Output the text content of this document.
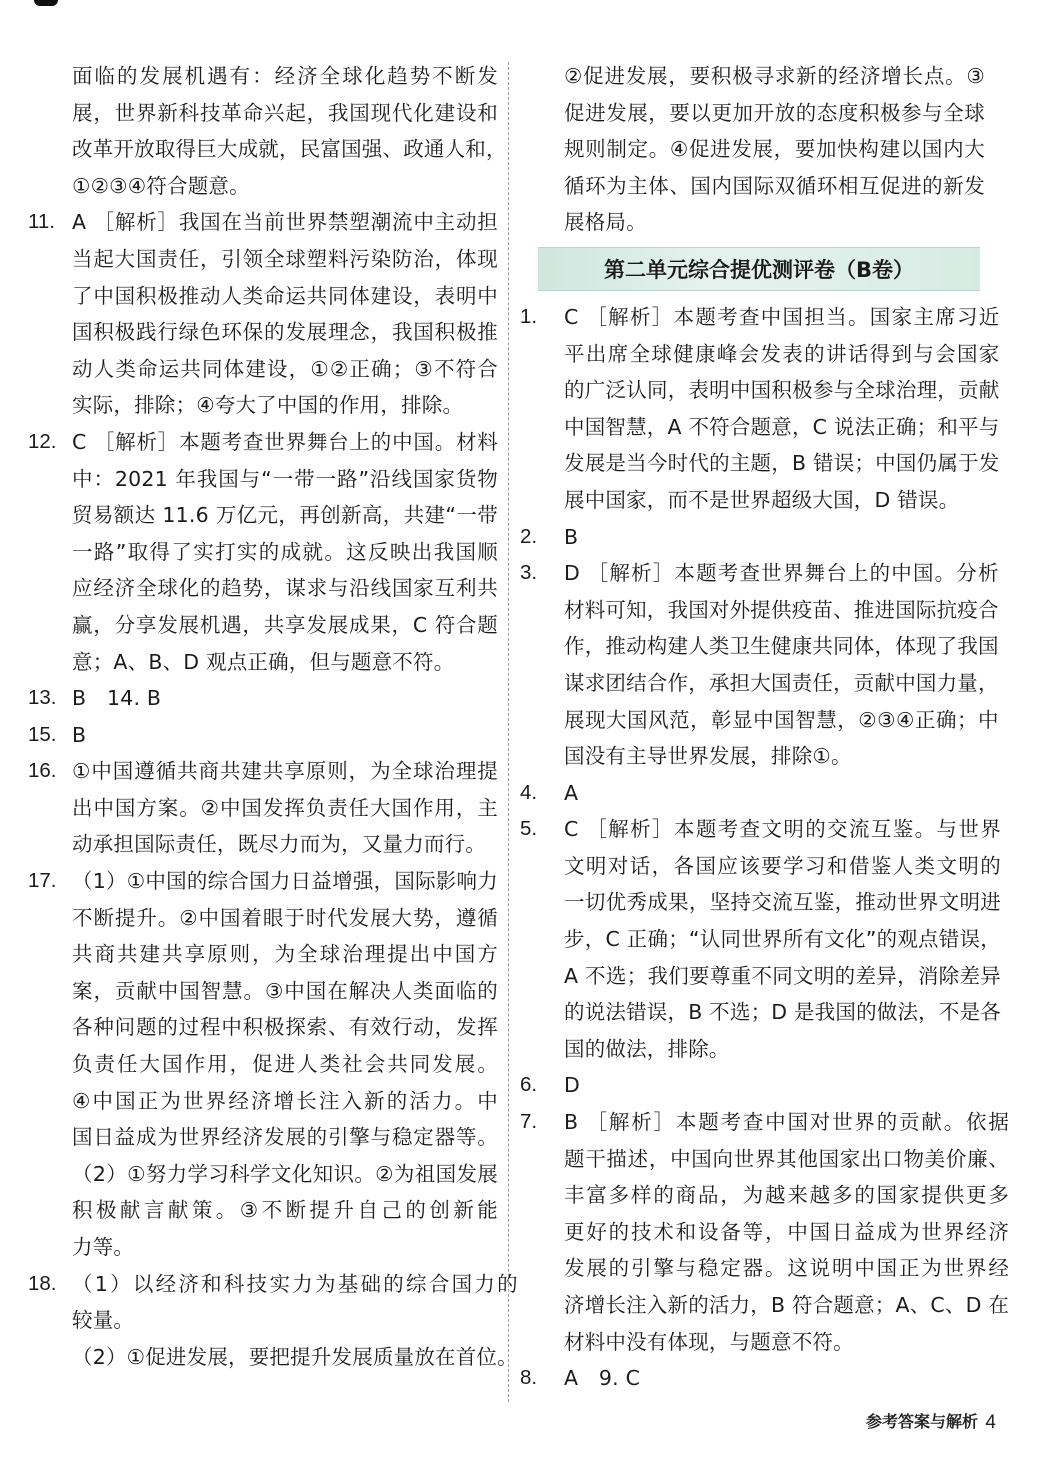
面临的发展机遇有：经济全球化趋势不断发

展，世界新科技革命兴起，我国现代化建设和

改革开放取得巨大成就，民富国强、政通人和，

①②③④符合题意。

11. A ［解析］我国在当前世界禁塑潮流中主动担

当起大国责任，引领全球塑料污染防治，体现

了中国积极推动人类命运共同体建设，表明中

国积极践行绿色环保的发展理念，我国积极推

动人类命运共同体建设，①②正确；③不符合

实际，排除；④夸大了中国的作用，排除。

12. C ［解析］本题考查世界舞台上的中国。材料

中：2021 年我国与“一带一路”沿线国家货物

贸易额达 11.6 万亿元，再创新高，共建“一带

一路”取得了实打实的成就。这反映出我国顺

应经济全球化的趋势，谋求与沿线国家互利共

赢，分享发展机遇，共享发展成果，C 符合题

意；A、B、D 观点正确，但与题意不符。

13. B　14. B

15. B

16. ①中国遵循共商共建共享原则，为全球治理提

出中国方案。②中国发挥负责任大国作用，主

动承担国际责任，既尽力而为，又量力而行。

17. （1）①中国的综合国力日益增强，国际影响力

不断提升。②中国着眼于时代发展大势，遵循

共商共建共享原则，为全球治理提出中国方

案，贡献中国智慧。③中国在解决人类面临的

各种问题的过程中积极探索、有效行动，发挥

负责任大国作用，促进人类社会共同发展。

④中国正为世界经济增长注入新的活力。中

国日益成为世界经济发展的引擎与稳定器等。

（2）①努力学习科学文化知识。②为祖国发展

积极献言献策。③不断提升自己的创新能

力等。

18. （1）以经济和科技实力为基础的综合国力的

较量。

（2）①促进发展，要把提升发展质量放在首位。

②促进发展，要积极寻求新的经济增长点。③

促进发展，要以更加开放的态度积极参与全球

规则制定。④促进发展，要加快构建以国内大

循环为主体、国内国际双循环相互促进的新发

展格局。

第二单元综合提优测评卷（B卷）
1.	C ［解析］本题考查中国担当。国家主席习近

平出席全球健康峰会发表的讲话得到与会国家

的广泛认同，表明中国积极参与全球治理，贡献

中国智慧，A 不符合题意，C 说法正确；和平与

发展是当今时代的主题，B 错误；中国仍属于发

展中国家，而不是世界超级大国，D 错误。

2.	B

3.	D ［解析］本题考查世界舞台上的中国。分析

材料可知，我国对外提供疫苗、推进国际抗疫合

作，推动构建人类卫生健康共同体，体现了我国

谋求团结合作，承担大国责任，贡献中国力量，

展现大国风范，彰显中国智慧，②③④正确；中

国没有主导世界发展，排除①。

4.	A

5.	C ［解析］本题考查文明的交流互鉴。与世界

文明对话，各国应该要学习和借鉴人类文明的

一切优秀成果，坚持交流互鉴，推动世界文明进

步，C 正确；“认同世界所有文化”的观点错误，

A 不选；我们要尊重不同文明的差异，消除差异

的说法错误，B 不选；D 是我国的做法，不是各

国的做法，排除。

6.	D

7.	B ［解析］本题考查中国对世界的贡献。依据

题干描述，中国向世界其他国家出口物美价廉、

丰富多样的商品，为越来越多的国家提供更多

更好的技术和设备等，中国日益成为世界经济

发展的引擎与稳定器。这说明中国正为世界经

济增长注入新的活力，B 符合题意；A、C、D 在

材料中没有体现，与题意不符。

8.	A　9. C

参考答案与解析 4
